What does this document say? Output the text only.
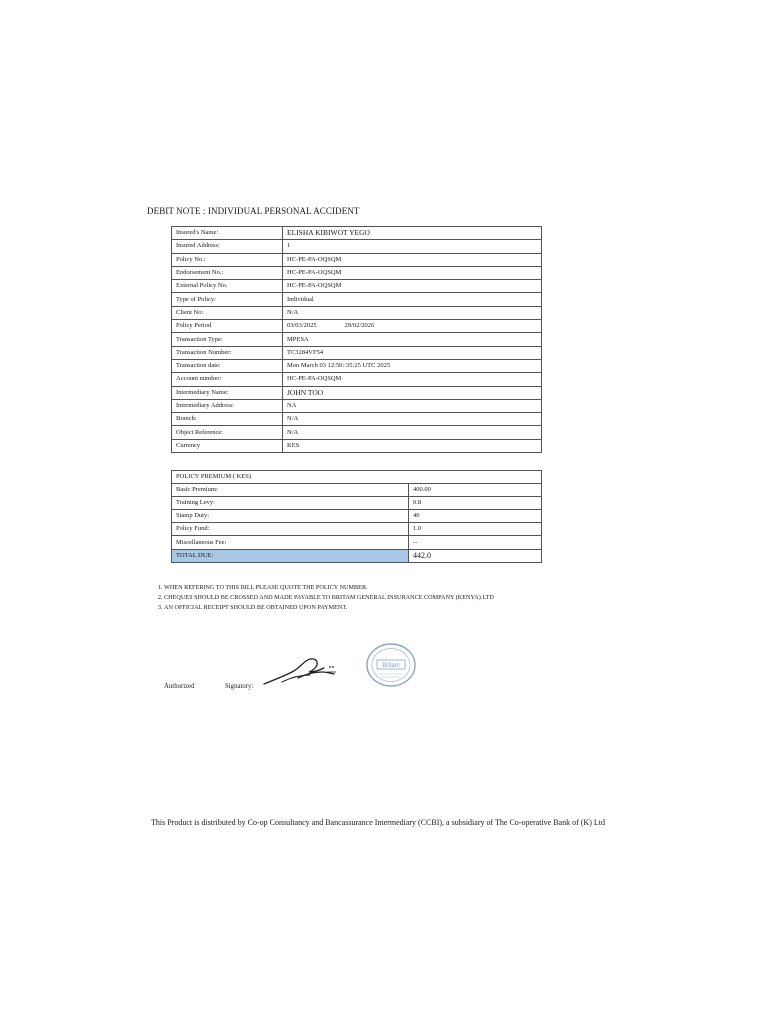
DEBIT NOTE : INDIVIDUAL PERSONAL ACCIDENT
Insured's Name:	ELISHA KIBIWOT YEGO
Insured Address:	1
Policy No.:	HC-PE-PA-OQSQM
Endorsement No.:	HC-PE-PA-OQSQM
External Policy No.	HC-PE-PA-OQSQM
Type of Policy:	Individual
Client No:	N/A
Policy Period	03/03/2025 29/02/2026
Transaction Type:	MPESA
Transaction Number:	TC3284VF54
Transaction date:	Mon March 03 12:50::35:25 UTC 2025
Account number:	HC-PE-PA-OQSQM
Intermediary Name:	JOHN TOO
Intermediary Address:	NA
Branch:	N/A
Object Reference:	N/A
Currency	KES
POLICY PREMIUM ( KES)	
Basic Premium:	400.00
Training Levy:	0.8
Stamp Duty:	40
Policy Fund:	1.0
Miscellaneous Fee:	--
TOTAL DUE:	442.0
1. WHEN REFERING TO THIS BILL PLEASE QUOTE THE POLICY NUMBER.
2. CHEQUES SHOULD BE CROSSED AND MADE PAYABLE TO BRITAM GENERAL INSURANCE COMPANY (KENYA) LTD
3. AN OFFICIAL RECEIPT SHOULD BE OBTAINED UPON PAYMENT.
Authorized	Signatory:
Britam
This Product is distributed by Co-op Consultancy and Bancassurance Intermediary (CCBI), a subsidiary of The Co-operative Bank of (K) Ltd
